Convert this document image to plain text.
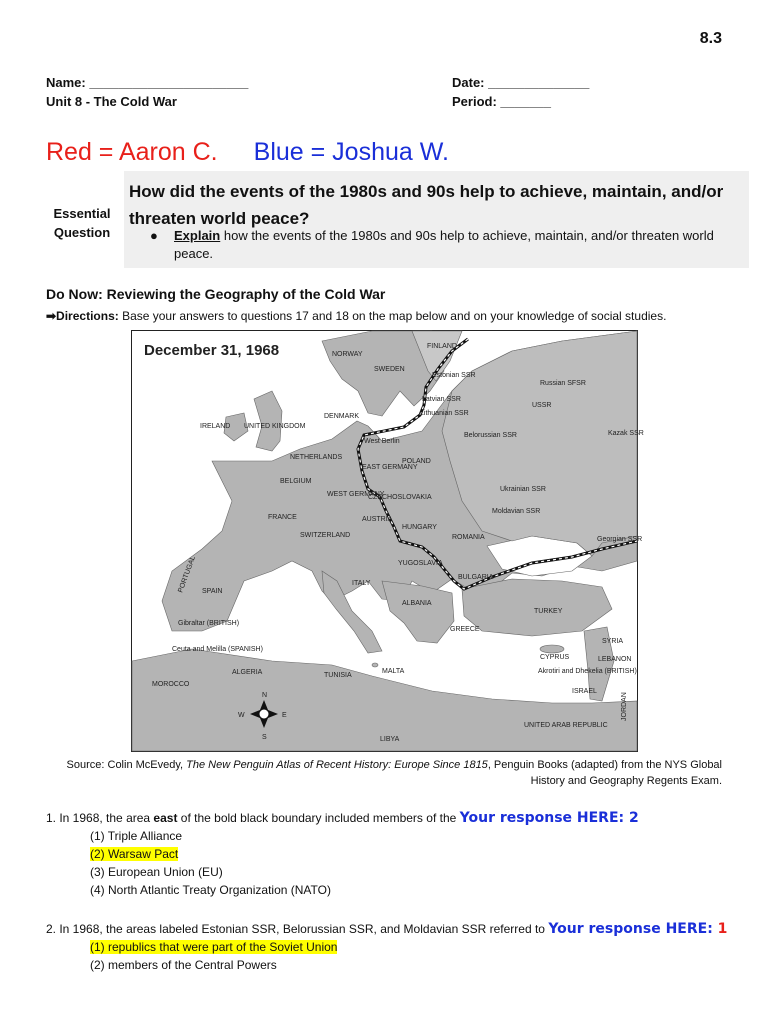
8.3
Name: ______________________	Date: ______________
Unit 8 - The Cold War	Period: _______
Red = Aaron C. Blue = Joshua W.
Essential
Question
How did the events of the 1980s and 90s help to achieve, maintain, and/or threaten world peace?
●	Explain how the events of the 1980s and 90s help to achieve, maintain, and/or threaten world peace.
Do Now: Reviewing the Geography of the Cold War
➡Directions: Base your answers to questions 17 and 18 on the map below and on your knowledge of social studies.
December 31, 1968	NORWAY
SWEDEN
FINLAND
Estonian SSR
Latvian SSR
Lithuanian SSR
Russian SFSR
USSR
Kazak SSR
DENMARK
IRELAND UNITED KINGDOM
NETHERLANDS
BELGIUM
West Berlin
EAST GERMANY
POLAND
Belorussian SSR
WEST GERMANY
CZECHOSLOVAKIA
Ukrainian SSR
FRANCE	AUSTRIA
HUNGARY
Moldavian SSR
SWITZERLAND	ROMANIA	Georgian SSR
YUGOSLAVIA
BULGARIA
PORTUGAL SPAIN
ITALY
ALBANIA
TURKEY
GREECE
Gibraltar (BRITISH)
Ceuta and Melilla (SPANISH)
CYPRUS
SYRIA
LEBANON
Akrotiri and Dhekelia (BRITISH)
ISRAEL
ALGERIA
MOROCCO
TUNISIA
MALTA
JORDAN
LIBYA
UNITED ARAB REPUBLIC
N
S
E
W
Source: Colin McEvedy, The New Penguin Atlas of Recent History: Europe Since 1815, Penguin Books (adapted) from the NYS Global
History and Geography Regents Exam.
1. In 1968, the area east of the bold black boundary included members of the Your response HERE: 2
(1) Triple Alliance
(2) Warsaw Pact
(3) European Union (EU)
(4) North Atlantic Treaty Organization (NATO)
2. In 1968, the areas labeled Estonian SSR, Belorussian SSR, and Moldavian SSR referred to Your response HERE: 1
(1) republics that were part of the Soviet Union
(2) members of the Central Powers
